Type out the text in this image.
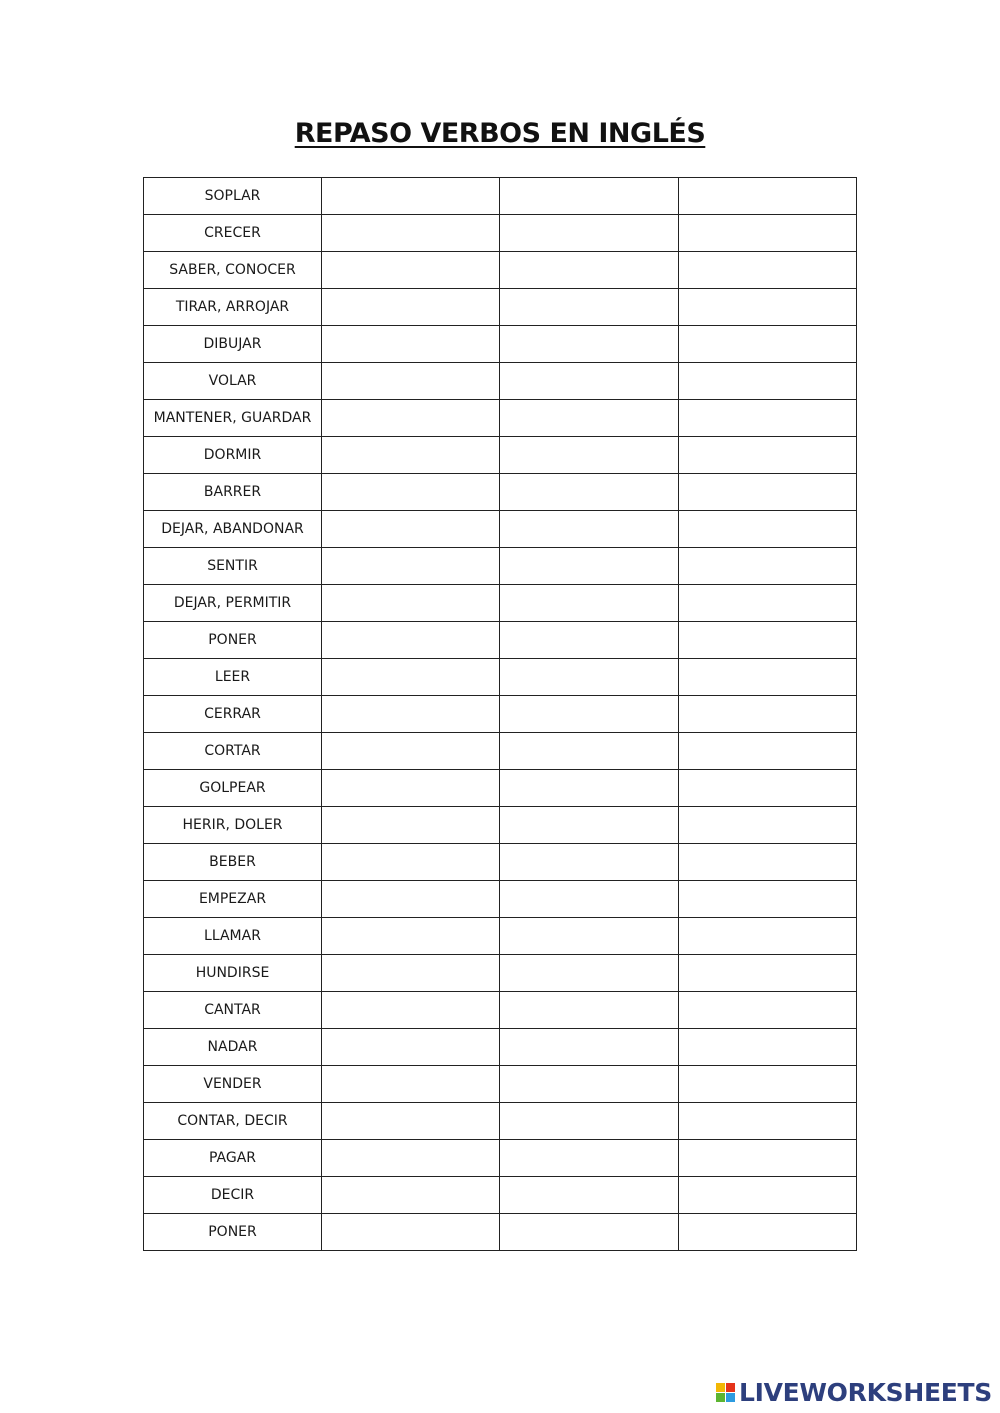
REPASO VERBOS EN INGLÉS
SOPLAR			
CRECER			
SABER, CONOCER			
TIRAR, ARROJAR			
DIBUJAR			
VOLAR			
MANTENER, GUARDAR			
DORMIR			
BARRER			
DEJAR, ABANDONAR			
SENTIR			
DEJAR, PERMITIR			
PONER			
LEER			
CERRAR			
CORTAR			
GOLPEAR			
HERIR, DOLER			
BEBER			
EMPEZAR			
LLAMAR			
HUNDIRSE			
CANTAR			
NADAR			
VENDER			
CONTAR, DECIR			
PAGAR			
DECIR			
PONER			
LIVEWORKSHEETS
